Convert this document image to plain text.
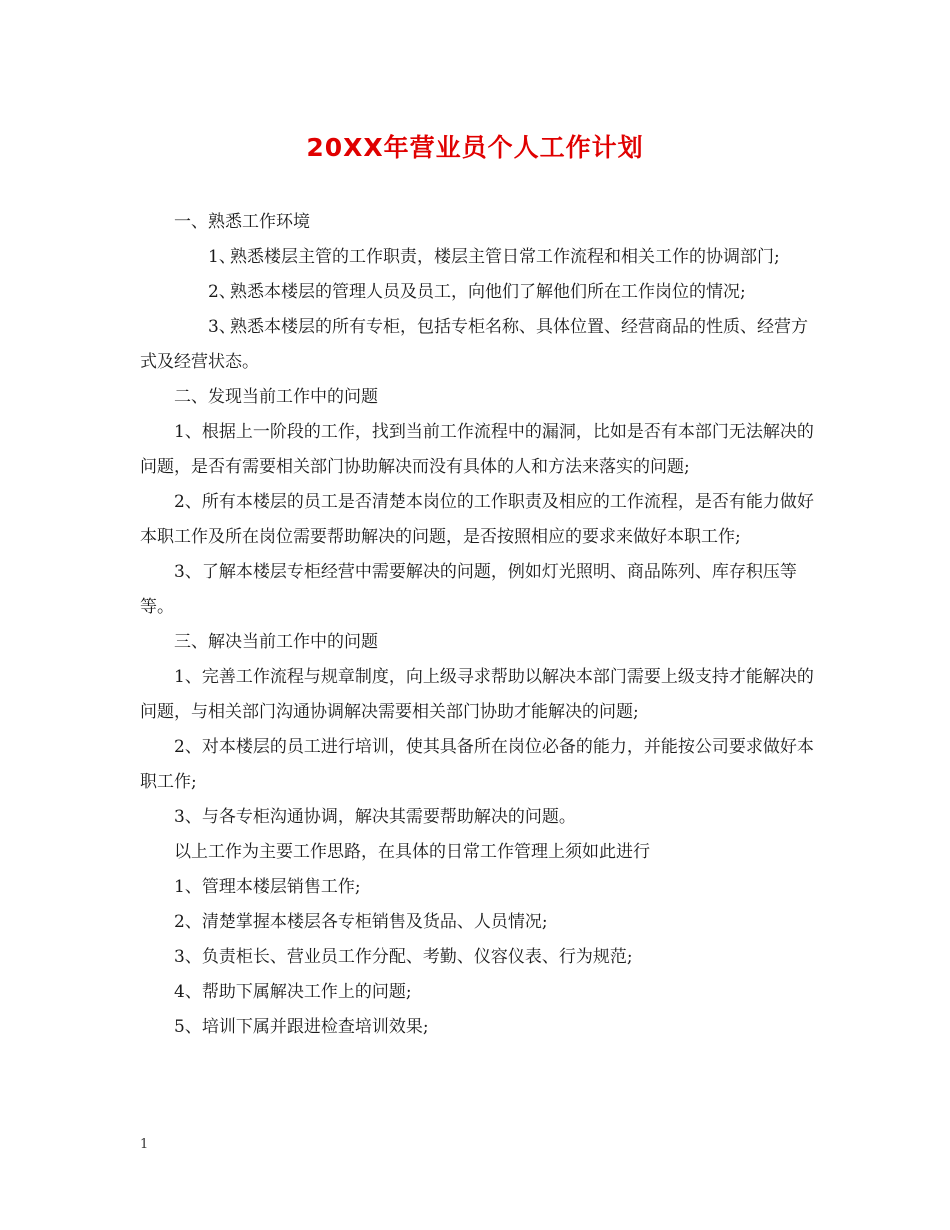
20XX年营业员个人工作计划

一、熟悉工作环境

1、熟悉楼层主管的工作职责，楼层主管日常工作流程和相关工作的协调部门;

2、熟悉本楼层的管理人员及员工，向他们了解他们所在工作岗位的情况;

3、熟悉本楼层的所有专柜，包括专柜名称、具体位置、经营商品的性质、经营方式及经营状态。

二、发现当前工作中的问题

1、根据上一阶段的工作，找到当前工作流程中的漏洞，比如是否有本部门无法解决的问题，是否有需要相关部门协助解决而没有具体的人和方法来落实的问题;

2、所有本楼层的员工是否清楚本岗位的工作职责及相应的工作流程，是否有能力做好本职工作及所在岗位需要帮助解决的问题，是否按照相应的要求来做好本职工作;

3、了解本楼层专柜经营中需要解决的问题，例如灯光照明、商品陈列、库存积压等等。

三、解决当前工作中的问题

1、完善工作流程与规章制度，向上级寻求帮助以解决本部门需要上级支持才能解决的问题，与相关部门沟通协调解决需要相关部门协助才能解决的问题;

2、对本楼层的员工进行培训，使其具备所在岗位必备的能力，并能按公司要求做好本职工作;

3、与各专柜沟通协调，解决其需要帮助解决的问题。

以上工作为主要工作思路，在具体的日常工作管理上须如此进行

1、管理本楼层销售工作;

2、清楚掌握本楼层各专柜销售及货品、人员情况;

3、负责柜长、营业员工作分配、考勤、仪容仪表、行为规范;

4、帮助下属解决工作上的问题;

5、培训下属并跟进检查培训效果;

1
